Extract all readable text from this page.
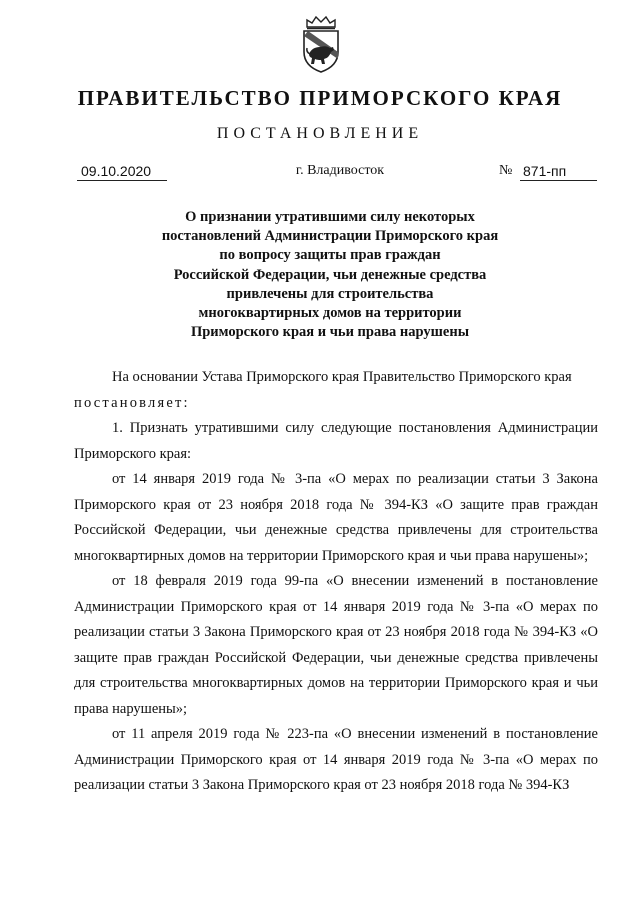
ПРАВИТЕЛЬСТВО ПРИМОРСКОГО КРАЯ
ПОСТАНОВЛЕНИЕ
09.10.2020	г. Владивосток	№ 871-пп
О признании утратившими силу некоторых
постановлений Администрации Приморского края
по вопросу защиты прав граждан
Российской Федерации, чьи денежные средства
привлечены для строительства
многоквартирных домов на территории
Приморского края и чьи права нарушены

На основании Устава Приморского края Правительство Приморского края

постановляет:

1. Признать утратившими силу следующие постановления Администрации Приморского края:

от 14 января 2019 года № 3-па «О мерах по реализации статьи 3 Закона Приморского края от 23 ноября 2018 года № 394-КЗ «О защите прав граждан Российской Федерации, чьи денежные средства привлечены для строительства многоквартирных домов на территории Приморского края и чьи права нарушены»;

от 18 февраля 2019 года 99-па «О внесении изменений в постановление Администрации Приморского края от 14 января 2019 года № 3-па «О мерах по реализации статьи 3 Закона Приморского края от 23 ноября 2018 года № 394-КЗ «О защите прав граждан Российской Федерации, чьи денежные средства привлечены для строительства многоквартирных домов на территории Приморского края и чьи права нарушены»;

от 11 апреля 2019 года № 223-па «О внесении изменений в постановление Администрации Приморского края от 14 января 2019 года № 3-па «О мерах по реализации статьи 3 Закона Приморского края от 23 ноября 2018 года № 394-КЗ
